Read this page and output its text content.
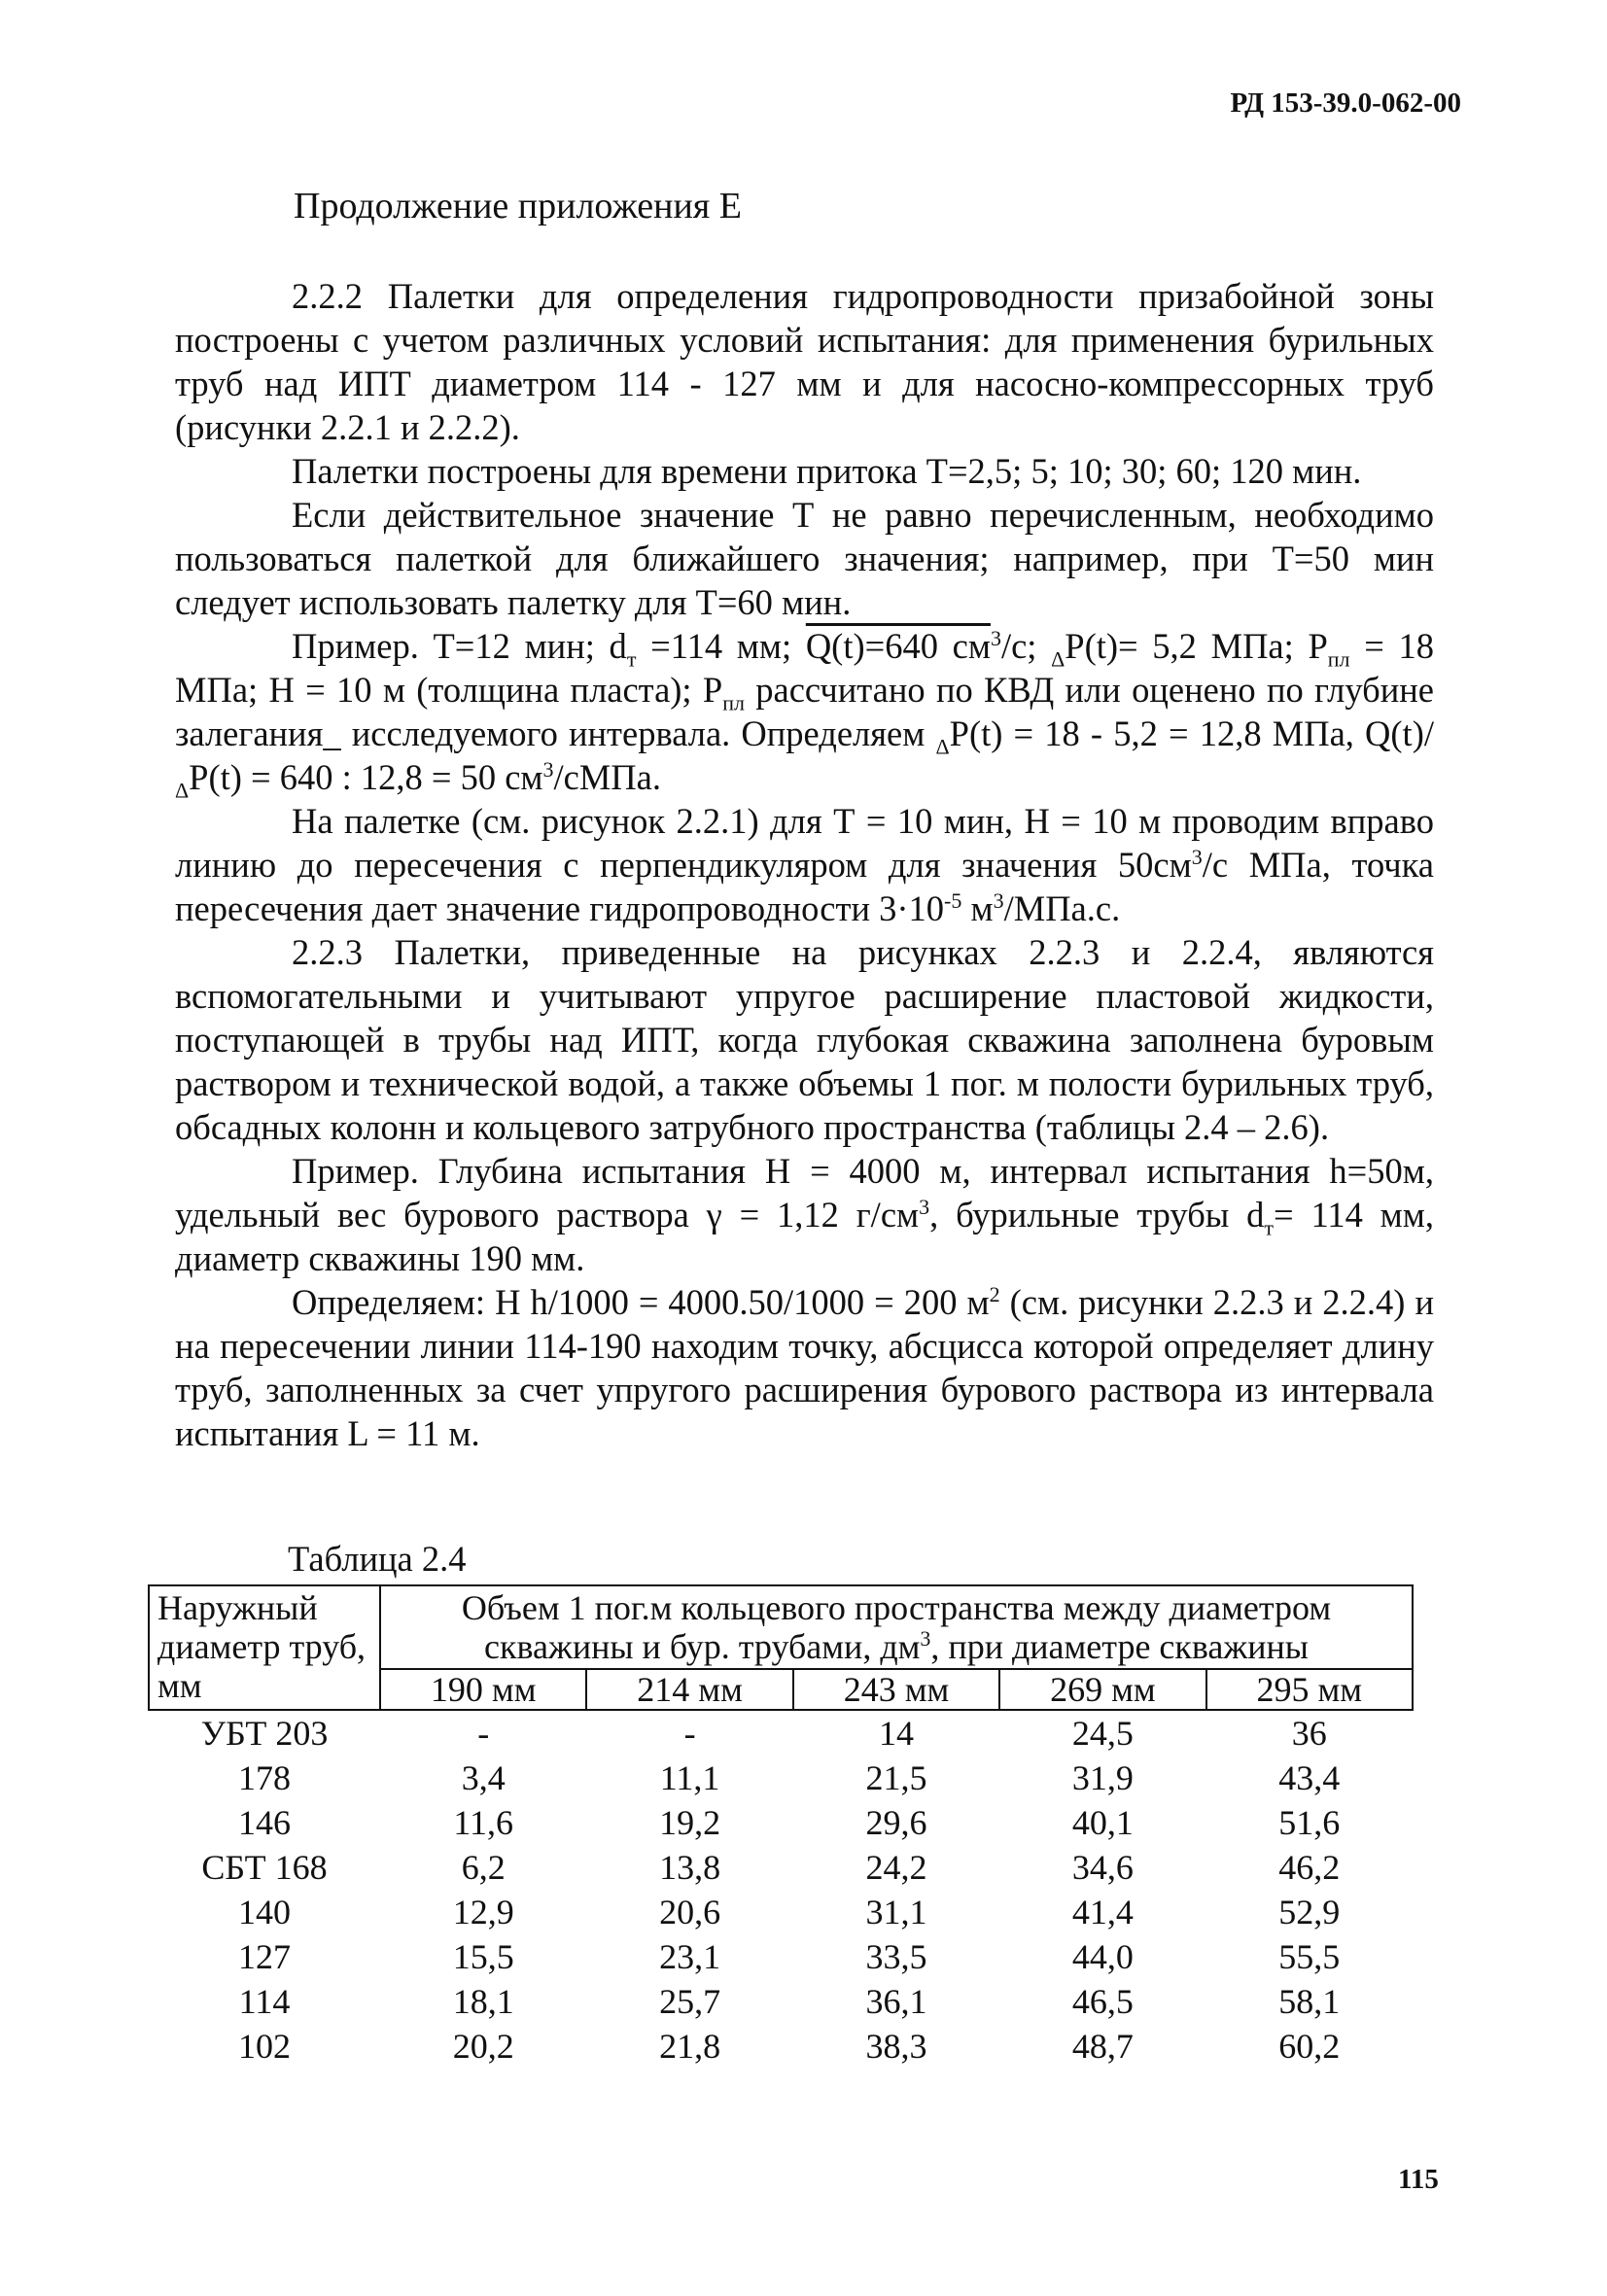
РД 153-39.0-062-00
Продолжение приложения Е

2.2.2 Палетки для определения гидропроводности призабойной зоны построены с учетом различных условий испытания: для применения бурильных труб над ИПТ диаметром 114 - 127 мм и для насосно-компрессорных труб (рисунки 2.2.1 и 2.2.2).

Палетки построены для времени притока Т=2,5; 5; 10; 30; 60; 120 мин.

Если действительное значение Т не равно перечисленным, необходимо пользоваться палеткой для ближайшего значения; например, при Т=50 мин следует использовать палетку для Т=60 мин.

Пример. Т=12 мин; $d_т =114$ мм; Q(t)=640 $см^3/с$; $_\Delta$P(t)= 5,2 МПа; $Р_{пл} = 18$ МПа; Н = 10 м (толщина пласта); $Р_{пл}$ рассчитано по КВД или оценено по глубине залегания_ исследуемого интервала. Определяем $_\Delta$P(t) = 18 - 5,2 = 12,8 МПа, $Q(t)/_\Delta P(t) = 640$ : 12,8 = 50 $см^3$/сМПа.

На палетке (см. рисунок 2.2.1) для Т = 10 мин, Н = 10 м проводим вправо линию до пересечения с перпендикуляром для значения $50см^3/с$ МПа, точка пересечения дает значение гидропроводности $3\cdot 10^{-5}$ $м^3/МПа.с$.

2.2.3 Палетки, приведенные на рисунках 2.2.3 и 2.2.4, являются вспомогательными и учитывают упругое расширение пластовой жидкости, поступающей в трубы над ИПТ, когда глубокая скважина заполнена буровым раствором и технической водой, а также объемы 1 пог. м полости бурильных труб, обсадных колонн и кольцевого затрубного пространства (таблицы 2.4 – 2.6).

Пример. Глубина испытания Н = 4000 м, интервал испытания h=50м, удельный вес бурового раствора γ = 1,12 $г/см^3$, бурильные трубы $d_т= 114$ мм, диаметр скважины 190 мм.

Определяем: Н h/1000 = 4000.50/1000 = 200 $м^2$ (см. рисунки 2.2.3 и 2.2.4) и на пересечении линии 114-190 находим точку, абсцисса которой определяет длину труб, заполненных за счет упругого расширения бурового раствора из интервала испытания L = 11 м.

Таблица 2.4
Наружный диаметр труб, мм	Объем 1 пог.м кольцевого пространства между диаметром скважины и бур. трубами, $дм^3$, при диаметре скважины				
	190 мм	214 мм	243 мм	269 мм	295 мм
УБТ 203	-	-	14	24,5	36
178	3,4	11,1	21,5	31,9	43,4
146	11,6	19,2	29,6	40,1	51,6
СБТ 168	6,2	13,8	24,2	34,6	46,2
140	12,9	20,6	31,1	41,4	52,9
127	15,5	23,1	33,5	44,0	55,5
114	18,1	25,7	36,1	46,5	58,1
102	20,2	21,8	38,3	48,7	60,2
115
